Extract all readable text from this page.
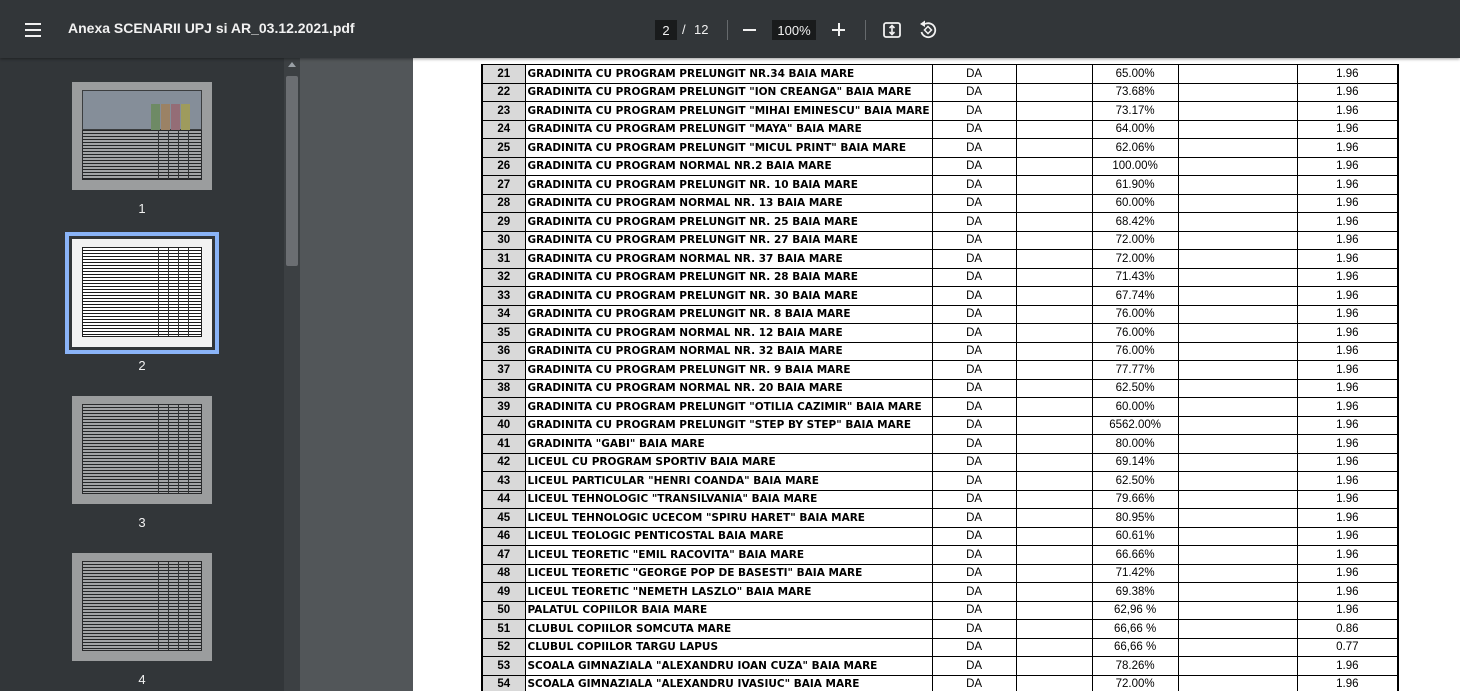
Anexa SCENARII UPJ si AR_03.12.2021.pdf
2	/ 12
100%
1
2
3
4
21	GRADINITA CU PROGRAM PRELUNGIT NR.34 BAIA MARE	DA		65.00%		1.96
22	GRADINITA CU PROGRAM PRELUNGIT "ION CREANGA" BAIA MARE	DA		73.68%		1.96
23	GRADINITA CU PROGRAM PRELUNGIT "MIHAI EMINESCU" BAIA MARE	DA		73.17%		1.96
24	GRADINITA CU PROGRAM PRELUNGIT "MAYA" BAIA MARE	DA		64.00%		1.96
25	GRADINITA CU PROGRAM PRELUNGIT "MICUL PRINT" BAIA MARE	DA		62.06%		1.96
26	GRADINITA CU PROGRAM NORMAL NR.2 BAIA MARE	DA		100.00%		1.96
27	GRADINITA CU PROGRAM PRELUNGIT NR. 10 BAIA MARE	DA		61.90%		1.96
28	GRADINITA CU PROGRAM NORMAL NR. 13 BAIA MARE	DA		60.00%		1.96
29	GRADINITA CU PROGRAM PRELUNGIT NR. 25 BAIA MARE	DA		68.42%		1.96
30	GRADINITA CU PROGRAM PRELUNGIT NR. 27 BAIA MARE	DA		72.00%		1.96
31	GRADINITA CU PROGRAM NORMAL NR. 37 BAIA MARE	DA		72.00%		1.96
32	GRADINITA CU PROGRAM PRELUNGIT NR. 28 BAIA MARE	DA		71.43%		1.96
33	GRADINITA CU PROGRAM PRELUNGIT NR. 30 BAIA MARE	DA		67.74%		1.96
34	GRADINITA CU PROGRAM PRELUNGIT NR. 8 BAIA MARE	DA		76.00%		1.96
35	GRADINITA CU PROGRAM NORMAL NR. 12 BAIA MARE	DA		76.00%		1.96
36	GRADINITA CU PROGRAM NORMAL NR. 32 BAIA MARE	DA		76.00%		1.96
37	GRADINITA CU PROGRAM PRELUNGIT NR. 9 BAIA MARE	DA		77.77%		1.96
38	GRADINITA CU PROGRAM NORMAL NR. 20 BAIA MARE	DA		62.50%		1.96
39	GRADINITA CU PROGRAM PRELUNGIT "OTILIA CAZIMIR" BAIA MARE	DA		60.00%		1.96
40	GRADINITA CU PROGRAM PRELUNGIT "STEP BY STEP" BAIA MARE	DA		6562.00%		1.96
41	GRADINITA "GABI" BAIA MARE	DA		80.00%		1.96
42	LICEUL CU PROGRAM SPORTIV BAIA MARE	DA		69.14%		1.96
43	LICEUL PARTICULAR "HENRI COANDA" BAIA MARE	DA		62.50%		1.96
44	LICEUL TEHNOLOGIC "TRANSILVANIA" BAIA MARE	DA		79.66%		1.96
45	LICEUL TEHNOLOGIC UCECOM "SPIRU HARET" BAIA MARE	DA		80.95%		1.96
46	LICEUL TEOLOGIC PENTICOSTAL BAIA MARE	DA		60.61%		1.96
47	LICEUL TEORETIC "EMIL RACOVITA" BAIA MARE	DA		66.66%		1.96
48	LICEUL TEORETIC "GEORGE POP DE BASESTI" BAIA MARE	DA		71.42%		1.96
49	LICEUL TEORETIC "NEMETH LASZLO" BAIA MARE	DA		69.38%		1.96
50	PALATUL COPIILOR BAIA MARE	DA		62,96 %		1.96
51	CLUBUL COPIILOR SOMCUTA MARE	DA		66,66 %		0.86
52	CLUBUL COPIILOR TARGU LAPUS	DA		66,66 %		0.77
53	SCOALA GIMNAZIALA "ALEXANDRU IOAN CUZA" BAIA MARE	DA		78.26%		1.96
54	SCOALA GIMNAZIALA "ALEXANDRU IVASIUC" BAIA MARE	DA		72.00%		1.96
